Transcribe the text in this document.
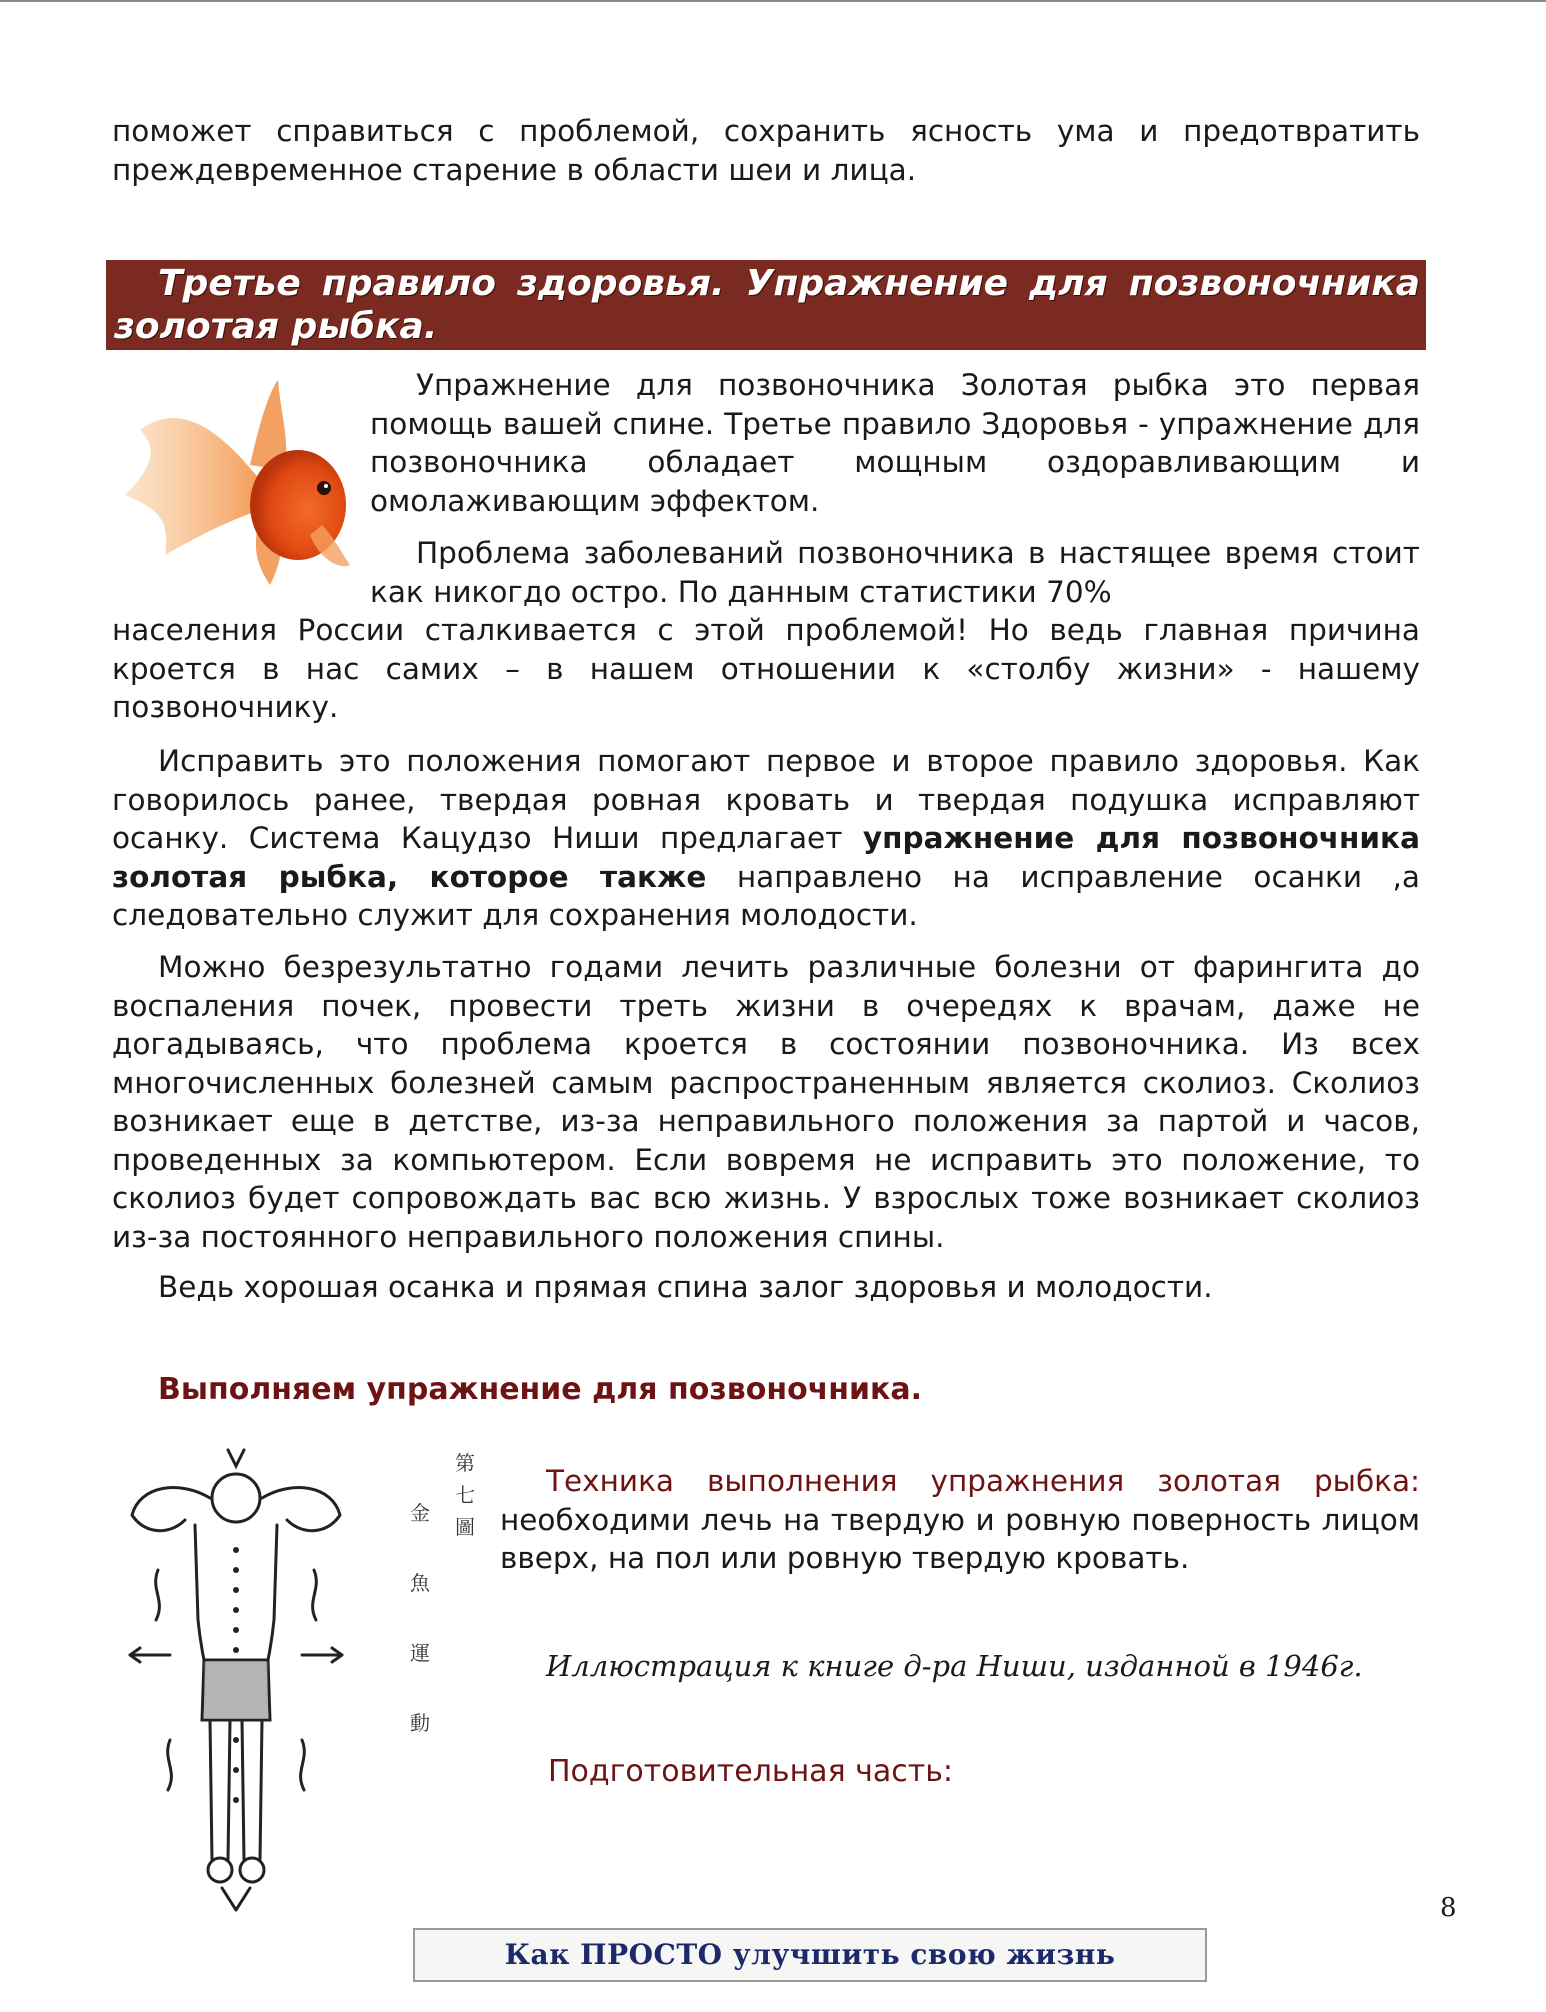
поможет справиться с проблемой, сохранить ясность ума и предотвратить преждевременное старение в области шеи и лица.

Третье правило здоровья. Упражнение для позвоночника золотая рыбка.

Упражнение для позвоночника Золотая рыбка это первая помощь вашей спине. Третье правило Здоровья - упражнение для позвоночника обладает мощным оздоравливающим и омолаживающим эффектом.

Проблема заболеваний позвоночника в настящее время стоит как никогдо остро. По данным статистики 70%

населения России сталкивается с этой проблемой! Но ведь главная причина кроется в нас самих – в нашем отношении к «столбу жизни» - нашему позвоночнику.

Исправить это положения помогают первое и второе правило здоровья. Как говорилось ранее, твердая ровная кровать и твердая подушка исправляют осанку. Система Кацудзо Ниши предлагает упражнение для позвоночника золотая рыбка, которое также направлено на исправление осанки ,а следовательно служит для сохранения молодости.

Можно безрезультатно годами лечить различные болезни от фарингита до воспаления почек, провести треть жизни в очередях к врачам, даже не догадываясь, что проблема кроется в состоянии позвоночника. Из всех многочисленных болезней самым распространенным является сколиоз. Сколиоз возникает еще в детстве, из-за неправильного положения за партой и часов, проведенных за компьютером. Если вовремя не исправить это положение, то сколиоз будет сопровождать вас всю жизнь. У взрослых тоже возникает сколиоз из-за постоянного неправильного положения спины.

Ведь хорошая осанка и прямая спина залог здоровья и молодости.

Выполняем упражнение для позвоночника.

第
七
圖
金
魚
運
動

Техника выполнения упражнения золотая рыбка: необходими лечь на твердую и ровную поверность лицом вверх, на пол или ровную твердую кровать.

Иллюстрация к книге д-ра Ниши, изданной в 1946г.

Подготовительная часть:

8

Как ПРОСТО улучшить свою жизнь
